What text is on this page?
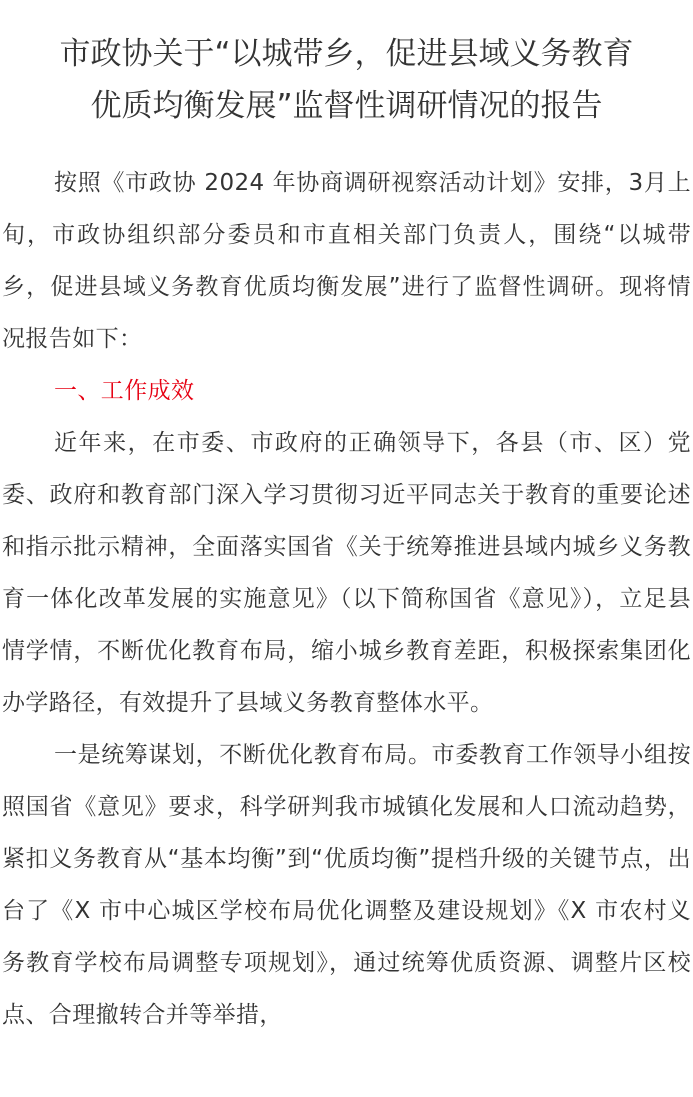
市政协关于“以城带乡，促进县域义务教育
优质均衡发展”监督性调研情况的报告

按照《市政协 2024 年协商调研视察活动计划》安排，3月上旬，市政协组织部分委员和市直相关部门负责人，围绕“以城带乡，促进县域义务教育优质均衡发展”进行了监督性调研。现将情况报告如下：

一、工作成效

近年来，在市委、市政府的正确领导下，各县（市、区）党委、政府和教育部门深入学习贯彻习近平同志关于教育的重要论述和指示批示精神，全面落实国省《关于统筹推进县域内城乡义务教育一体化改革发展的实施意见》（以下简称国省《意见》），立足县情学情，不断优化教育布局，缩小城乡教育差距，积极探索集团化办学路径，有效提升了县域义务教育整体水平。

一是统筹谋划，不断优化教育布局。市委教育工作领导小组按照国省《意见》要求，科学研判我市城镇化发展和人口流动趋势，紧扣义务教育从“基本均衡”到“优质均衡”提档升级的关键节点，出台了《X 市中心城区学校布局优化调整及建设规划》《X 市农村义务教育学校布局调整专项规划》，通过统筹优质资源、调整片区校点、合理撤转合并等举措，
